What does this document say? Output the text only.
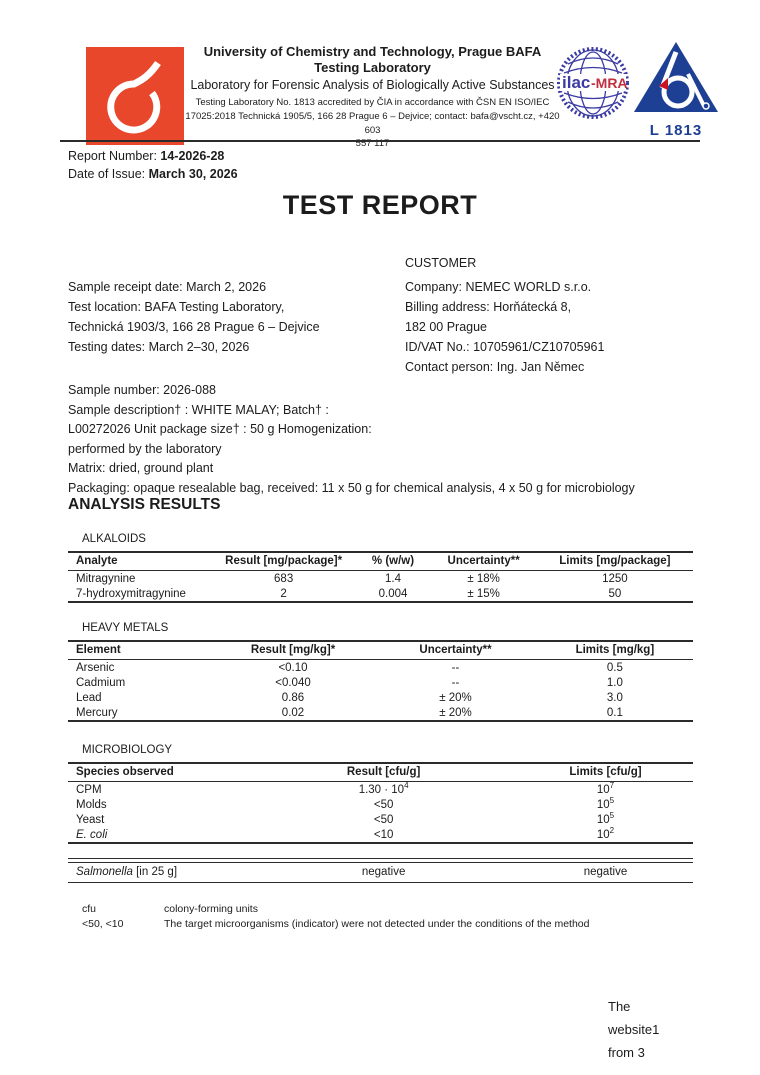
University of Chemistry and Technology, Prague BAFA
Testing Laboratory
Laboratory for Forensic Analysis of Biologically Active Substances
Testing Laboratory No. 1813 accredited by ČIA in accordance with ČSN EN ISO/IEC
17025:2018 Technická 1905/5, 166 28 Prague 6 – Dejvice; contact: bafa@vscht.cz, +420 603
557 117
ilac -MRA
L 1813
Report Number: 14-2026-28
Date of Issue: March 30, 2026
TEST REPORT
CUSTOMER
Sample receipt date: March 2, 2026
Test location: BAFA Testing Laboratory,
Technická 1903/3, 166 28 Prague 6 – Dejvice
Testing dates: March 2–30, 2026
Company: NEMEC WORLD s.r.o.
Billing address: Horňátecká 8,
182 00 Prague
ID/VAT No.: 10705961/CZ10705961
Contact person: Ing. Jan Němec
Sample number: 2026-088
Sample description† : WHITE MALAY; Batch† :
L00272026 Unit package size† : 50 g Homogenization:
performed by the laboratory
Matrix: dried, ground plant
Packaging: opaque resealable bag, received: 11 x 50 g for chemical analysis, 4 x 50 g for microbiology
ANALYSIS RESULTS
ALKALOIDS
Analyte	Result [mg/package]*	% (w/w)	Uncertainty**	Limits [mg/package]
Mitragynine	683	1.4	± 18%	1250
7-hydroxymitragynine	2	0.004	± 15%	50
HEAVY METALS
Element	Result [mg/kg]*	Uncertainty**	Limits [mg/kg]
Arsenic	<0.10	--	0.5
Cadmium	<0.040	--	1.0
Lead	0.86	± 20%	3.0
Mercury	0.02	± 20%	0.1
MICROBIOLOGY
Species observed	Result [cfu/g]	Limits [cfu/g]
CPM	$1.30 \cdot 10^4$	$10^7$
Molds	<50	$10^5$
Yeast	<50	$10^5$
E. coli	<10	$10^2$
Salmonella [in 25 g]	negative	negative
cfu	colony-forming units
<50, <10	The target microorganisms (indicator) were not detected under the conditions of the method
The
website1
from 3
